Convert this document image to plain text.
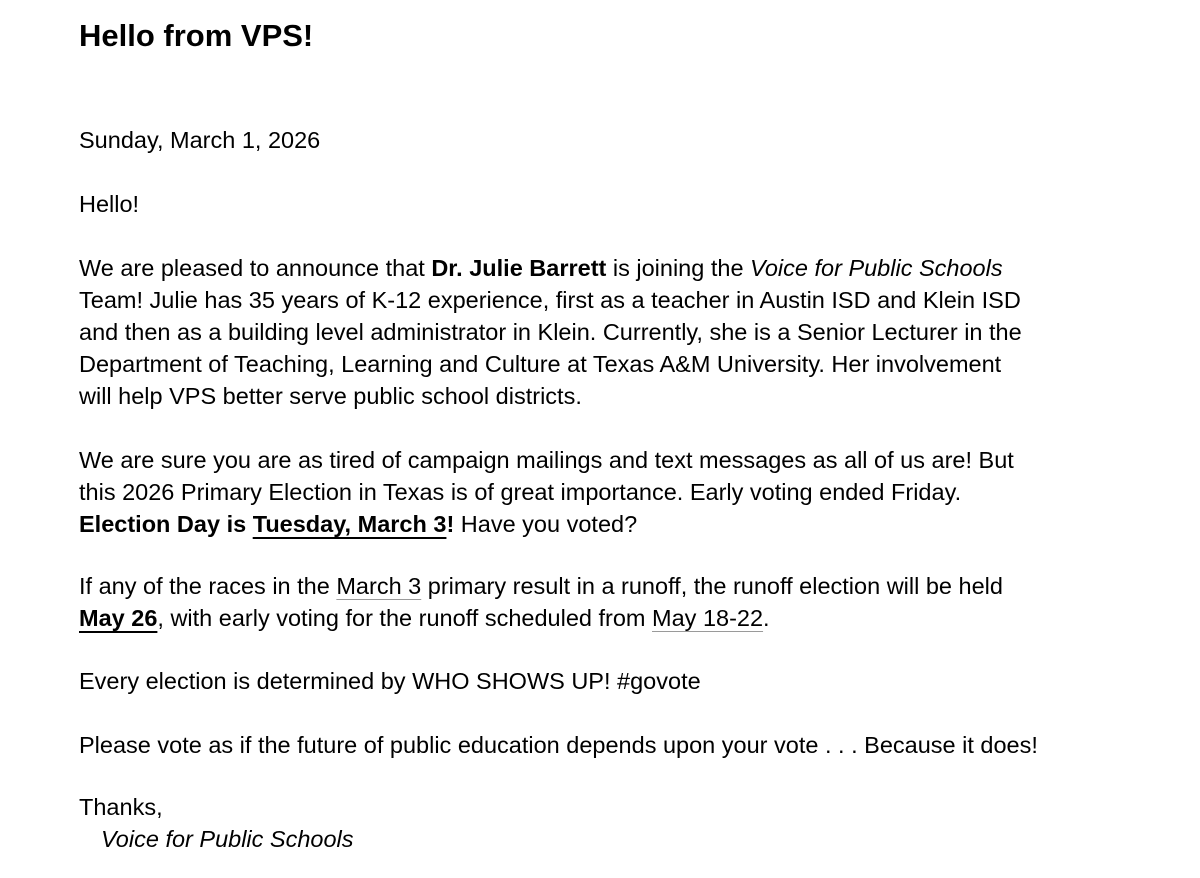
Hello from VPS!

Sunday, March 1, 2026

Hello!

We are pleased to announce that Dr. Julie Barrett is joining the Voice for Public Schools

Team! Julie has 35 years of K-12 experience, first as a teacher in Austin ISD and Klein ISD

and then as a building level administrator in Klein. Currently, she is a Senior Lecturer in the

Department of Teaching, Learning and Culture at Texas A&M University. Her involvement

will help VPS better serve public school districts.

We are sure you are as tired of campaign mailings and text messages as all of us are! But

this 2026 Primary Election in Texas is of great importance. Early voting ended Friday.

Election Day is Tuesday, March 3! Have you voted?

If any of the races in the March 3 primary result in a runoff, the runoff election will be held

May 26, with early voting for the runoff scheduled from May 18-22.

Every election is determined by WHO SHOWS UP! #govote

Please vote as if the future of public education depends upon your vote . . . Because it does!

Thanks,

Voice for Public Schools
